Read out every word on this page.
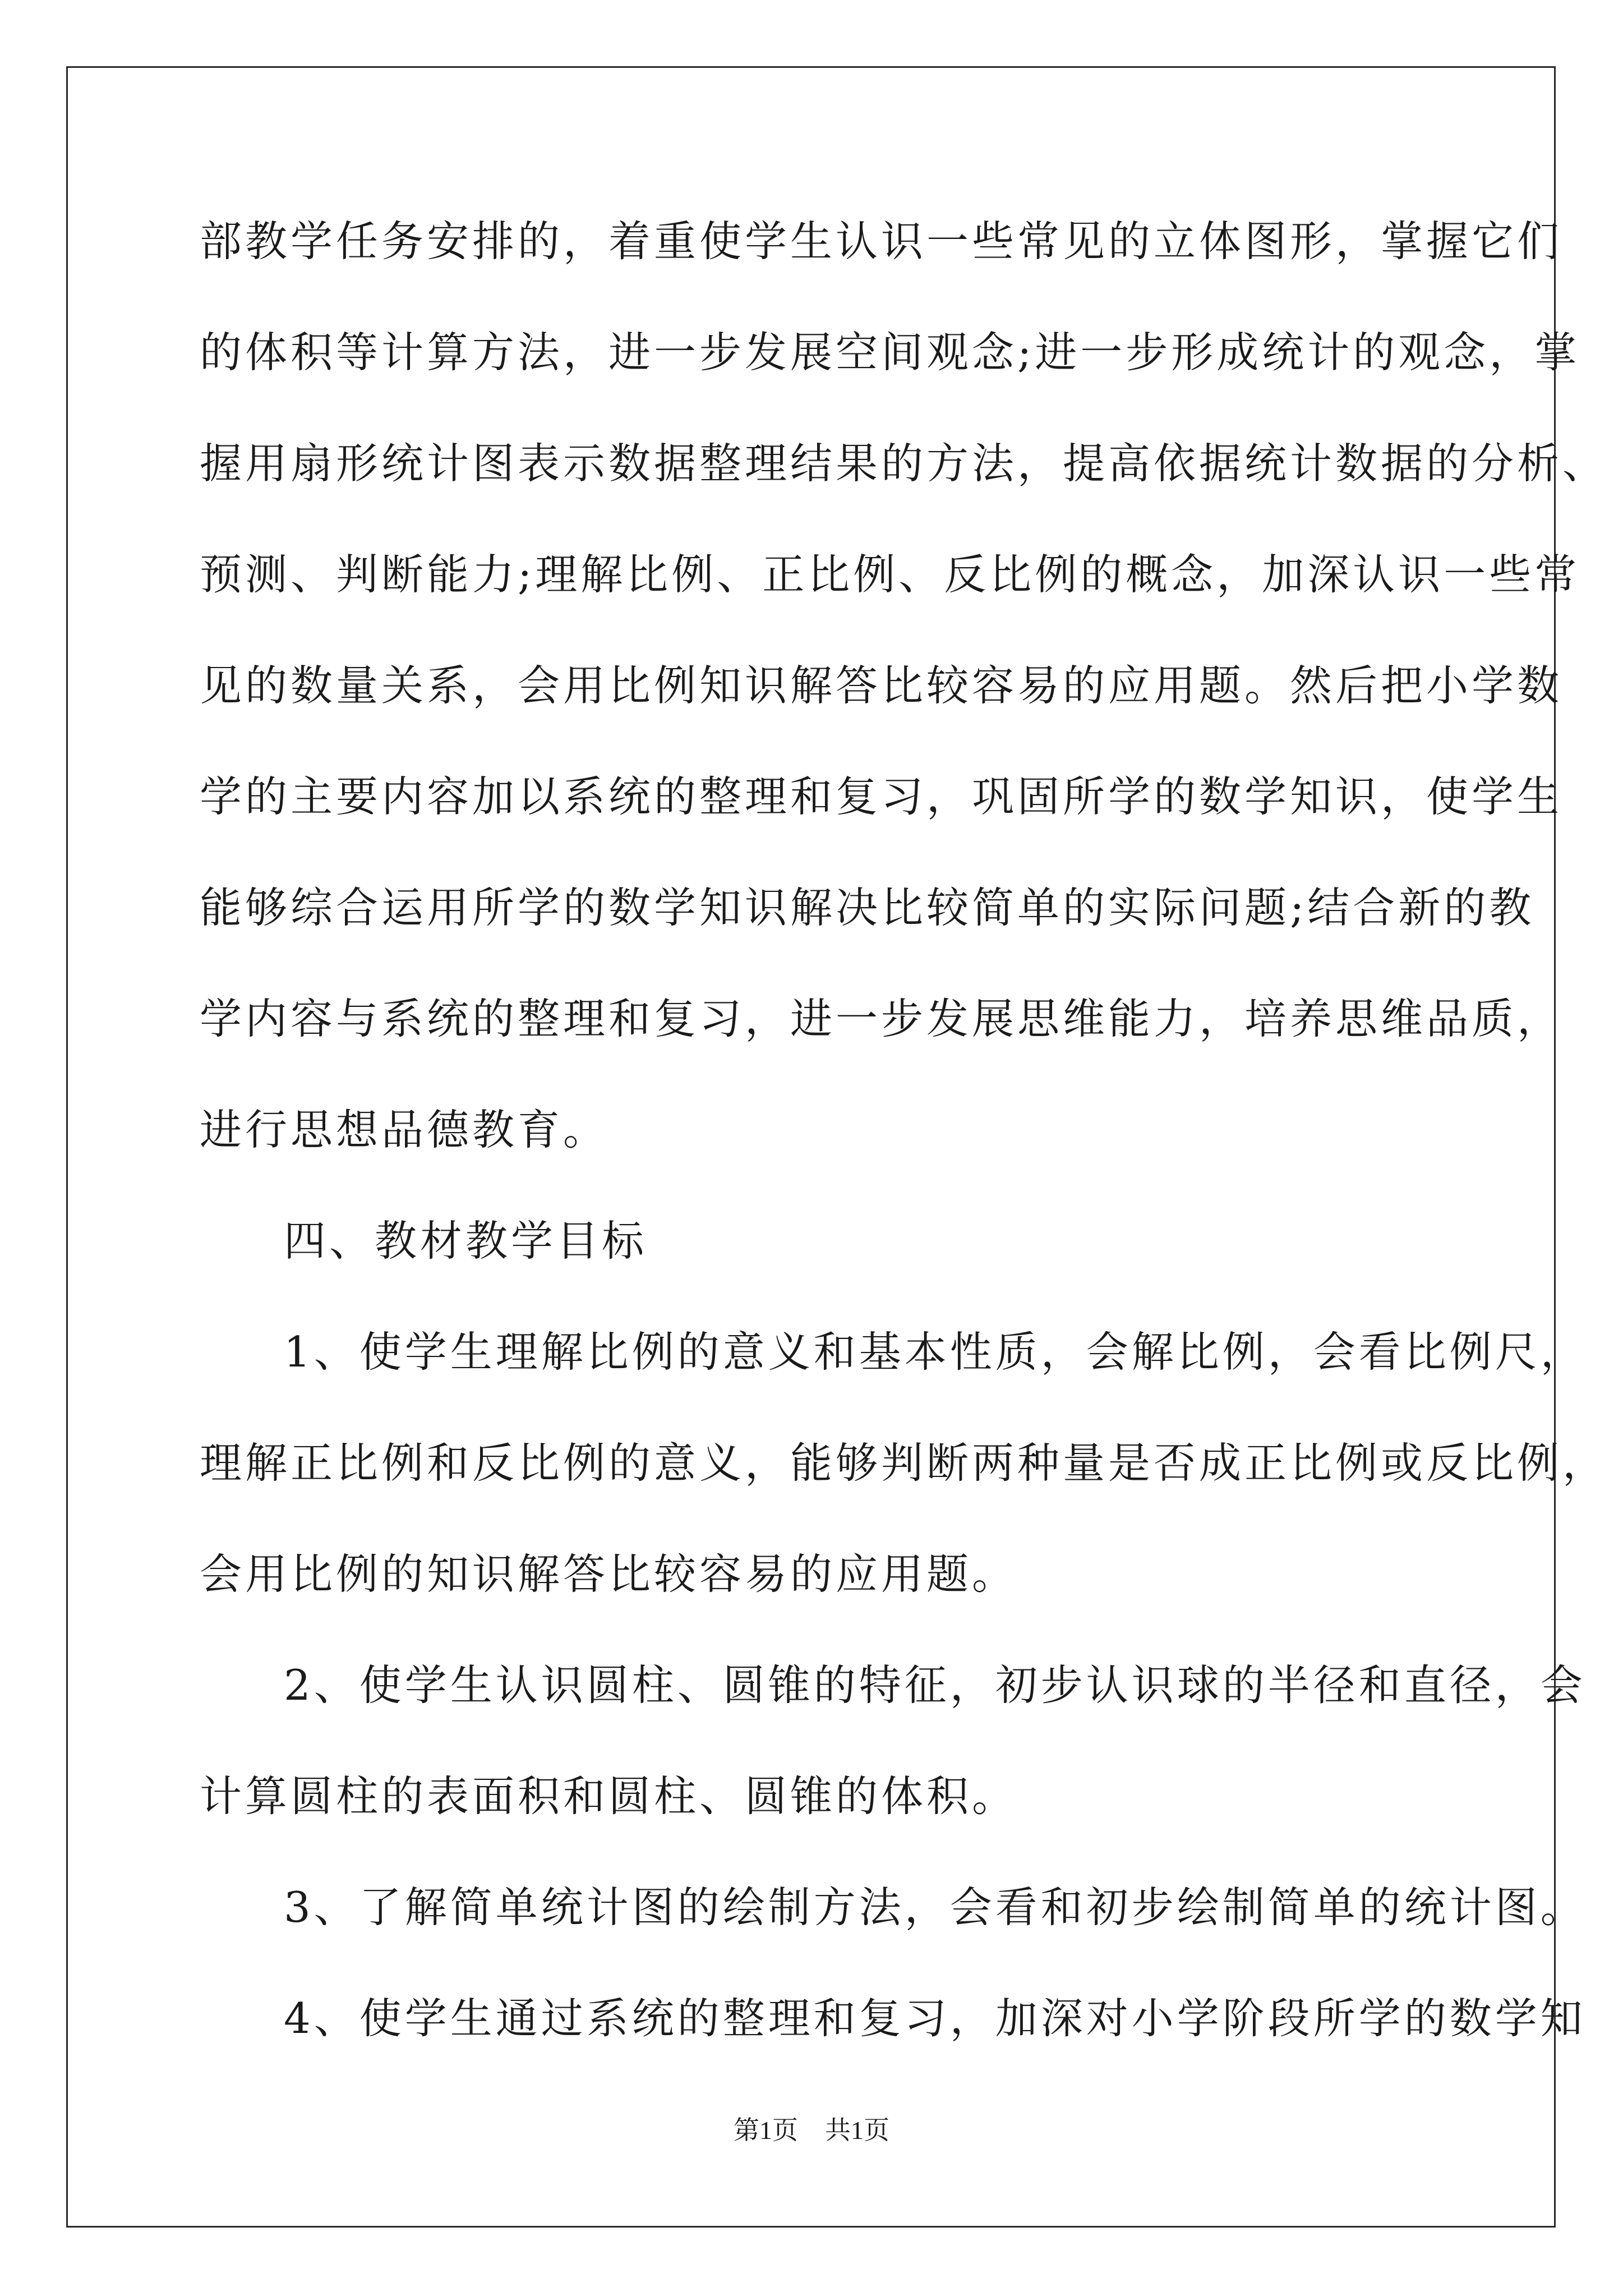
部教学任务安排的，着重使学生认识一些常见的立体图形，掌握它们
的体积等计算方法，进一步发展空间观念;进一步形成统计的观念，掌
握用扇形统计图表示数据整理结果的方法，提高依据统计数据的分析、
预测、判断能力;理解比例、正比例、反比例的概念，加深认识一些常
见的数量关系，会用比例知识解答比较容易的应用题。然后把小学数
学的主要内容加以系统的整理和复习，巩固所学的数学知识，使学生
能够综合运用所学的数学知识解决比较简单的实际问题;结合新的教
学内容与系统的整理和复习，进一步发展思维能力，培养思维品质，
进行思想品德教育。
四、教材教学目标
1、使学生理解比例的意义和基本性质，会解比例，会看比例尺，
理解正比例和反比例的意义，能够判断两种量是否成正比例或反比例，
会用比例的知识解答比较容易的应用题。
2、使学生认识圆柱、圆锥的特征，初步认识球的半径和直径，会
计算圆柱的表面积和圆柱、圆锥的体积。
3、了解简单统计图的绘制方法，会看和初步绘制简单的统计图。
4、使学生通过系统的整理和复习，加深对小学阶段所学的数学知
第1页 共1页
